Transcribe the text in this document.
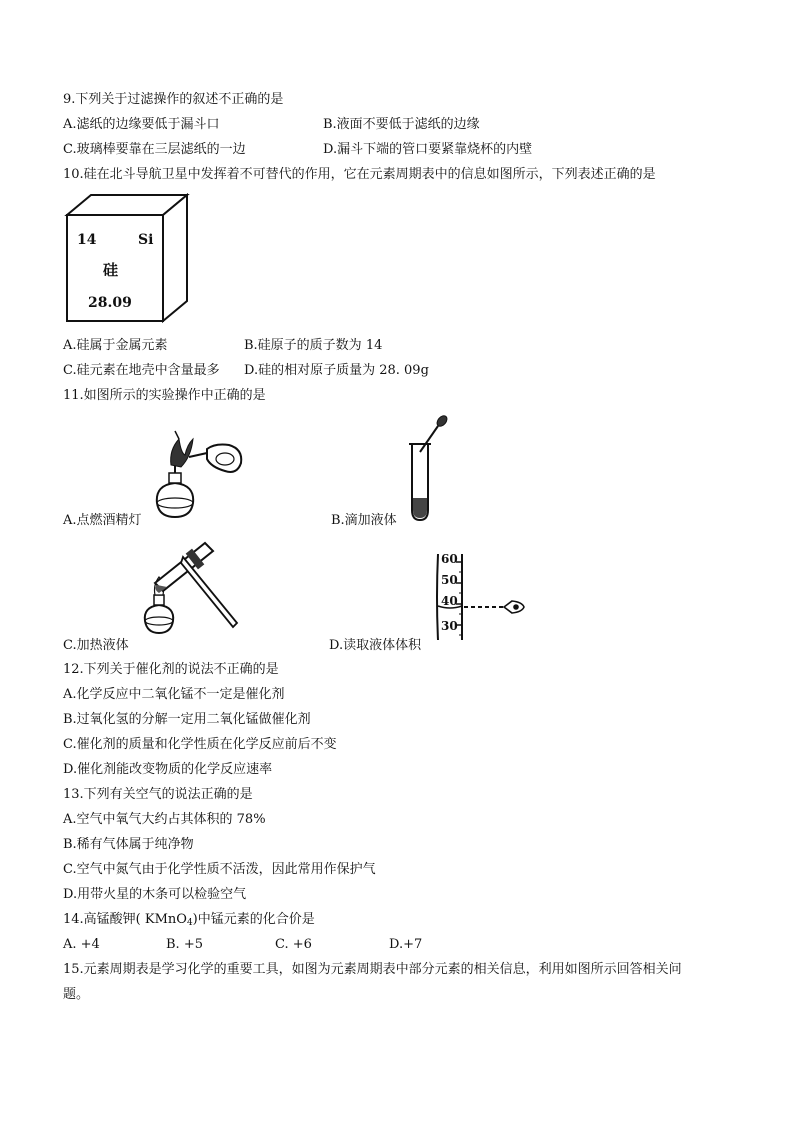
9.下列关于过滤操作的叙述不正确的是
A.滤纸的边缘要低于漏斗口	B.液面不要低于滤纸的边缘
C.玻璃棒要靠在三层滤纸的一边	D.漏斗下端的管口要紧靠烧杯的内壁
10.硅在北斗导航卫星中发挥着不可替代的作用，它在元素周期表中的信息如图所示，下列表述正确的是
14	Si
硅
28.09
A.硅属于金属元素	B.硅原子的质子数为 14
C.硅元素在地壳中含量最多 D.硅的相对原子质量为 28. 09g
11.如图所示的实验操作中正确的是
A.点燃酒精灯	B.滴加液体
C.加热液体
60
50
40
30
D.读取液体体积
12.下列关于催化剂的说法不正确的是
A.化学反应中二氧化锰不一定是催化剂
B.过氧化氢的分解一定用二氧化锰做催化剂
C.催化剂的质量和化学性质在化学反应前后不变
D.催化剂能改变物质的化学反应速率
13.下列有关空气的说法正确的是
A.空气中氧气大约占其体积的 78%
B.稀有气体属于纯净物
C.空气中氮气由于化学性质不活泼，因此常用作保护气
D.用带火星的木条可以检验空气
14.高锰酸钾( KMnO$_4$)中锰元素的化合价是
A. +4	B. +5	C. +6	D.+7
15.元素周期表是学习化学的重要工具，如图为元素周期表中部分元素的相关信息，利用如图所示回答相关问
题。
